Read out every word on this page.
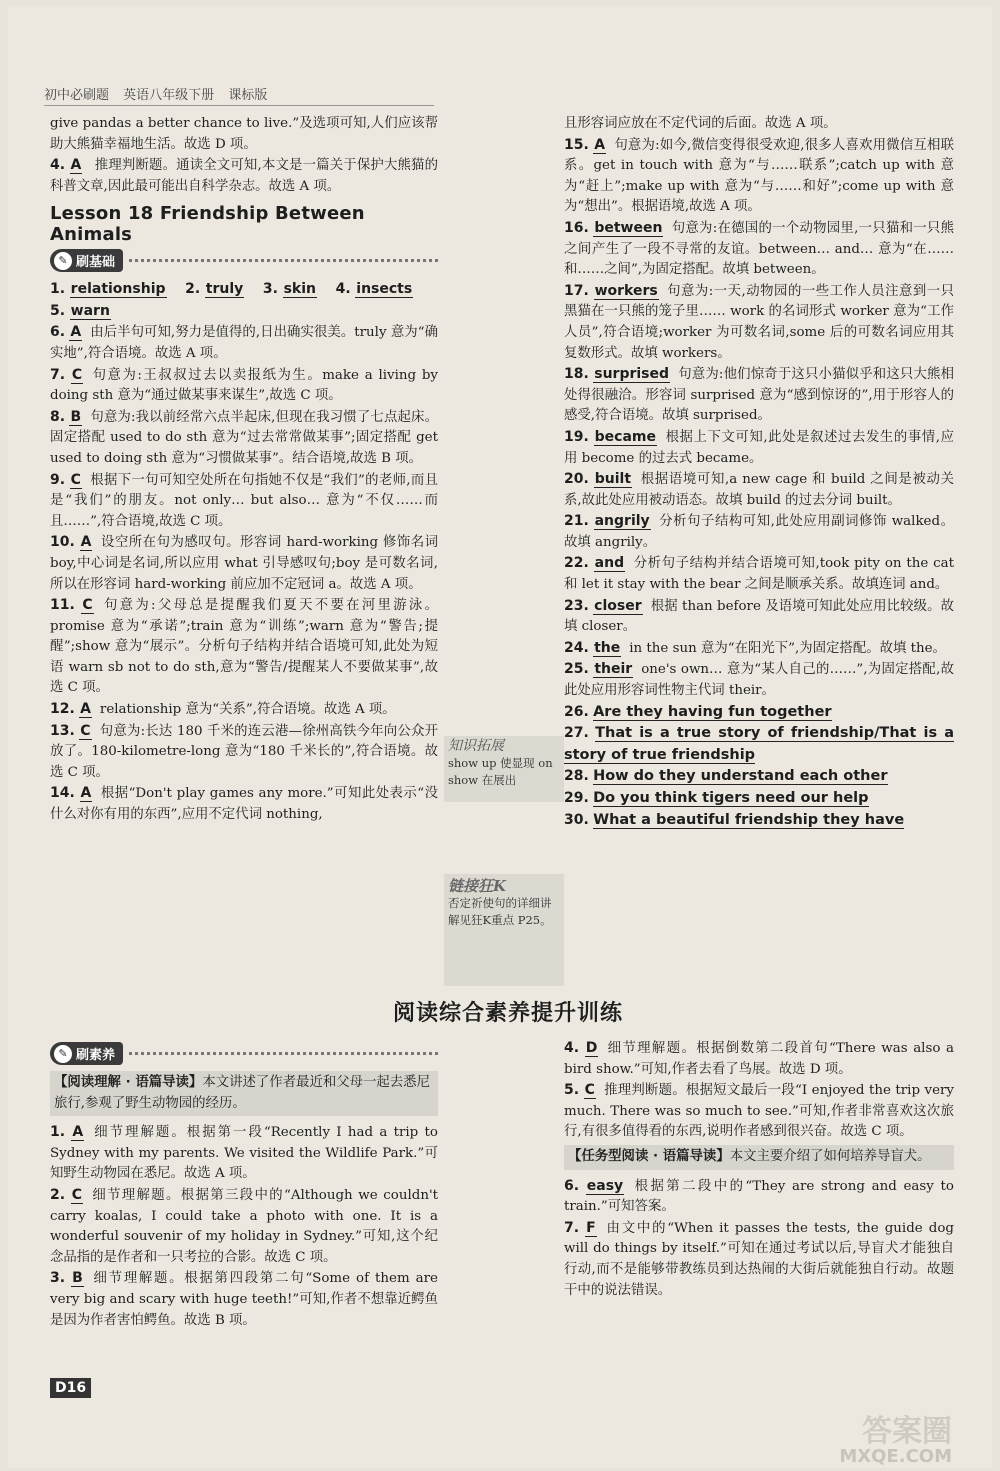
初中必刷题 英语八年级下册 课标版

give pandas a better chance to live.”及选项可知,人们应该帮助大熊猫幸福地生活。故选 D 项。

4. A 推理判断题。通读全文可知,本文是一篇关于保护大熊猫的科普文章,因此最可能出自科学杂志。故选 A 项。

Lesson 18 Friendship Between Animals
✎ 刷基础

1. relationship 2. truly 3. skin 4. insects

5. warn

6. A 由后半句可知,努力是值得的,日出确实很美。truly 意为“确实地”,符合语境。故选 A 项。

7. C 句意为:王叔叔过去以卖报纸为生。make a living by doing sth 意为“通过做某事来谋生”,故选 C 项。

8. B 句意为:我以前经常六点半起床,但现在我习惯了七点起床。固定搭配 used to do sth 意为“过去常常做某事”;固定搭配 get used to doing sth 意为“习惯做某事”。结合语境,故选 B 项。

9. C 根据下一句可知空处所在句指她不仅是“我们”的老师,而且是“我们”的朋友。not only… but also… 意为“不仅……而且……”,符合语境,故选 C 项。

10. A 设空所在句为感叹句。形容词 hard-working 修饰名词 boy,中心词是名词,所以应用 what 引导感叹句;boy 是可数名词,所以在形容词 hard-working 前应加不定冠词 a。故选 A 项。

11. C 句意为:父母总是提醒我们夏天不要在河里游泳。promise 意为“承诺”;train 意为“训练”;warn 意为“警告;提醒”;show 意为“展示”。分析句子结构并结合语境可知,此处为短语 warn sb not to do sth,意为“警告/提醒某人不要做某事”,故选 C 项。

12. A relationship 意为“关系”,符合语境。故选 A 项。

13. C 句意为:长达 180 千米的连云港—徐州高铁今年向公众开放了。180-kilometre-long 意为“180 千米长的”,符合语境。故选 C 项。

14. A 根据“Don't play games any more.”可知此处表示“没什么对你有用的东西”,应用不定代词 nothing,

知识拓展
show up 使显现 on show 在展出
链接狂K
否定祈使句的详细讲解见狂K重点 P25。

且形容词应放在不定代词的后面。故选 A 项。

15. A 句意为:如今,微信变得很受欢迎,很多人喜欢用微信互相联系。get in touch with 意为“与……联系”;catch up with 意为“赶上”;make up with 意为“与……和好”;come up with 意为“想出”。根据语境,故选 A 项。

16. between 句意为:在德国的一个动物园里,一只猫和一只熊之间产生了一段不寻常的友谊。between… and… 意为“在……和……之间”,为固定搭配。故填 between。

17. workers 句意为:一天,动物园的一些工作人员注意到一只黑猫在一只熊的笼子里…… work 的名词形式 worker 意为“工作人员”,符合语境;worker 为可数名词,some 后的可数名词应用其复数形式。故填 workers。

18. surprised 句意为:他们惊奇于这只小猫似乎和这只大熊相处得很融洽。形容词 surprised 意为“感到惊讶的”,用于形容人的感受,符合语境。故填 surprised。

19. became 根据上下文可知,此处是叙述过去发生的事情,应用 become 的过去式 became。

20. built 根据语境可知,a new cage 和 build 之间是被动关系,故此处应用被动语态。故填 build 的过去分词 built。

21. angrily 分析句子结构可知,此处应用副词修饰 walked。故填 angrily。

22. and 分析句子结构并结合语境可知,took pity on the cat 和 let it stay with the bear 之间是顺承关系。故填连词 and。

23. closer 根据 than before 及语境可知此处应用比较级。故填 closer。

24. the in the sun 意为“在阳光下”,为固定搭配。故填 the。

25. their one's own… 意为“某人自己的……”,为固定搭配,故此处应用形容词性物主代词 their。

26. Are they having fun together

27. That is a true story of friendship/That is a story of true friendship

28. How do they understand each other

29. Do you think tigers need our help

30. What a beautiful friendship they have

阅读综合素养提升训练
✎ 刷素养
【阅读理解 · 语篇导读】本文讲述了作者最近和父母一起去悉尼旅行,参观了野生动物园的经历。

1. A 细节理解题。根据第一段“Recently I had a trip to Sydney with my parents. We visited the Wildlife Park.”可知野生动物园在悉尼。故选 A 项。

2. C 细节理解题。根据第三段中的“Although we couldn't carry koalas, I could take a photo with one. It is a wonderful souvenir of my holiday in Sydney.”可知,这个纪念品指的是作者和一只考拉的合影。故选 C 项。

3. B 细节理解题。根据第四段第二句“Some of them are very big and scary with huge teeth!”可知,作者不想靠近鳄鱼是因为作者害怕鳄鱼。故选 B 项。

4. D 细节理解题。根据倒数第二段首句“There was also a bird show.”可知,作者去看了鸟展。故选 D 项。

5. C 推理判断题。根据短文最后一段“I enjoyed the trip very much. There was so much to see.”可知,作者非常喜欢这次旅行,有很多值得看的东西,说明作者感到很兴奋。故选 C 项。

【任务型阅读 · 语篇导读】本文主要介绍了如何培养导盲犬。

6. easy 根据第二段中的“They are strong and easy to train.”可知答案。

7. F 由文中的“When it passes the tests, the guide dog will do things by itself.”可知在通过考试以后,导盲犬才能独自行动,而不是能够带教练员到达热闹的大街后就能独自行动。故题干中的说法错误。

D16
答案圈
MXQE.COM
